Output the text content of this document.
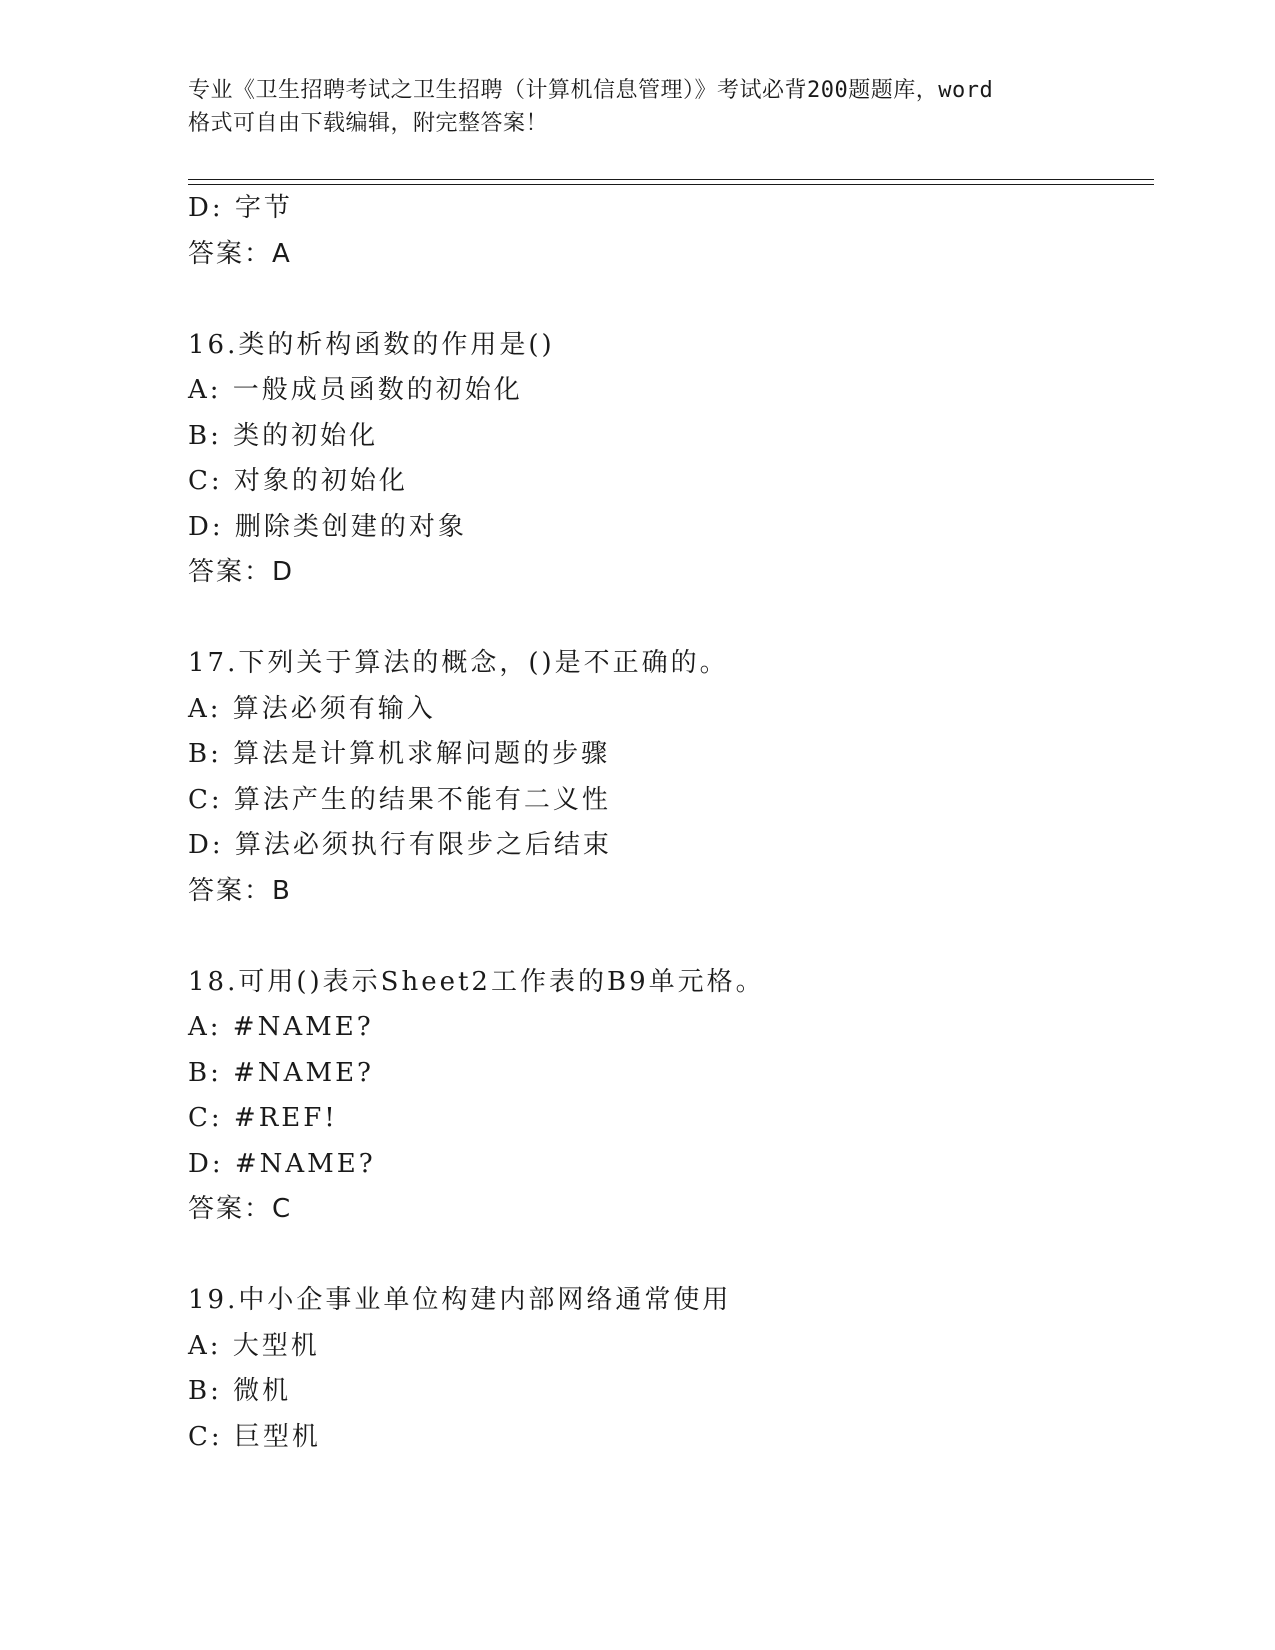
专业《卫生招聘考试之卫生招聘（计算机信息管理）》考试必背200题题库，word
格式可自由下载编辑，附完整答案！
D: 字节
答案：A
16.类的析构函数的作用是()
A: 一般成员函数的初始化
B: 类的初始化
C: 对象的初始化
D: 删除类创建的对象
答案：D
17.下列关于算法的概念，()是不正确的。
A: 算法必须有输入
B: 算法是计算机求解问题的步骤
C: 算法产生的结果不能有二义性
D: 算法必须执行有限步之后结束
答案：B
18.可用()表示Sheet2工作表的B9单元格。
A: #NAME?
B: #NAME?
C: #REF!
D: #NAME?
答案：C
19.中小企事业单位构建内部网络通常使用
A: 大型机
B: 微机
C: 巨型机
